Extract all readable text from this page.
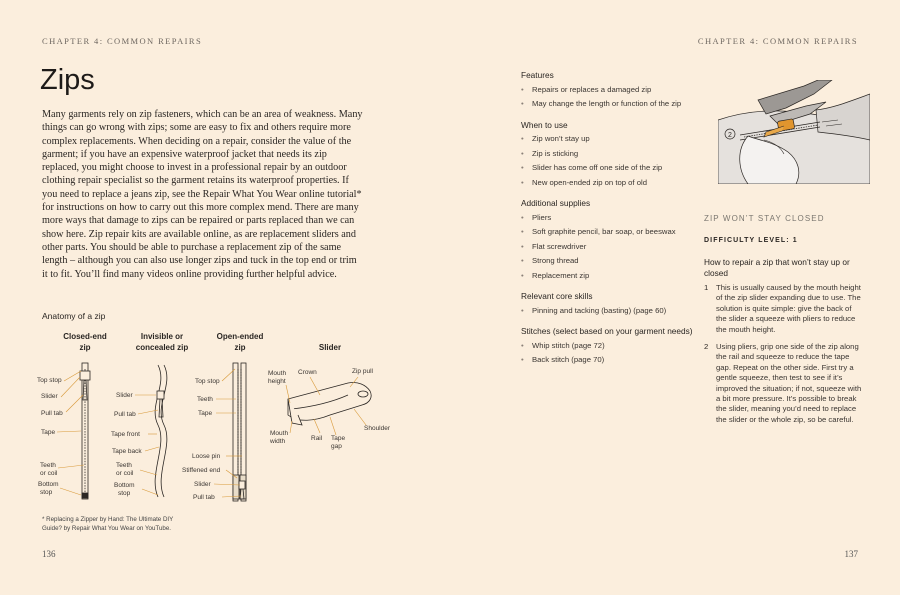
CHAPTER 4: COMMON REPAIRS
Zips

Many garments rely on zip fasteners, which can be an area of weakness. Many things can go wrong with zips; some are easy to fix and others require more complex replacements. When deciding on a repair, consider the value of the garment; if you have an expensive waterproof jacket that needs its zip replaced, you might choose to invest in a professional repair by an outdoor clothing repair specialist so the garment retains its waterproof properties. If you need to replace a jeans zip, see the Repair What You Wear online tutorial* for instructions on how to carry out this more complex mend. There are many more ways that damage to zips can be repaired or parts replaced than we can show here. Zip repair kits are available online, as are replacement sliders and other parts. You should be able to purchase a replacement zip of the same length – although you can also use longer zips and tuck in the top end or trim it to fit. You’ll find many videos online providing further helpful advice.

Anatomy of a zip
Closed-end
zip
Invisible or
concealed zip
Open-ended
zip	Slider
Top stop
Slider
Pull tab
Tape
Teeth
or coil
Bottom
stop
Slider
Pull tab
Tape front
Tape back
Teeth
or coil
Bottom
stop
Top stop
Teeth
Tape
Loose pin
Stiffened end
Slider
Pull tab
Mouth
height
Crown	Zip pull
Mouth
width	Rail Tape
gap
Shoulder
* Replacing a Zipper by Hand: The Ultimate DIY
Guide? by Repair What You Wear on YouTube.
136
CHAPTER 4: COMMON REPAIRS
Features
• Repairs or replaces a damaged zip
• May change the length or function of the zip
When to use
• Zip won’t stay up
• Zip is sticking
• Slider has come off one side of the zip
• New open-ended zip on top of old
Additional supplies
• Pliers
• Soft graphite pencil, bar soap, or beeswax
• Flat screwdriver
• Strong thread
• Replacement zip
Relevant core skills
• Pinning and tacking (basting) (page 60)
Stitches (select based on your garment needs)
• Whip stitch (page 72)
• Back stitch (page 70)
2
ZIP WON’T STAY CLOSED
DIFFICULTY LEVEL: 1
How to repair a zip that won’t stay up or closed
1 This is usually caused by the mouth height of the zip slider expanding due to use. The solution is quite simple: give the back of the slider a squeeze with pliers to reduce the mouth height.
2 Using pliers, grip one side of the zip along the rail and squeeze to reduce the tape gap. Repeat on the other side. First try a gentle squeeze, then test to see if it’s improved the situation; if not, squeeze with a bit more pressure. It’s possible to break the slider, meaning you’d need to replace the slider or the whole zip, so be careful.
137
